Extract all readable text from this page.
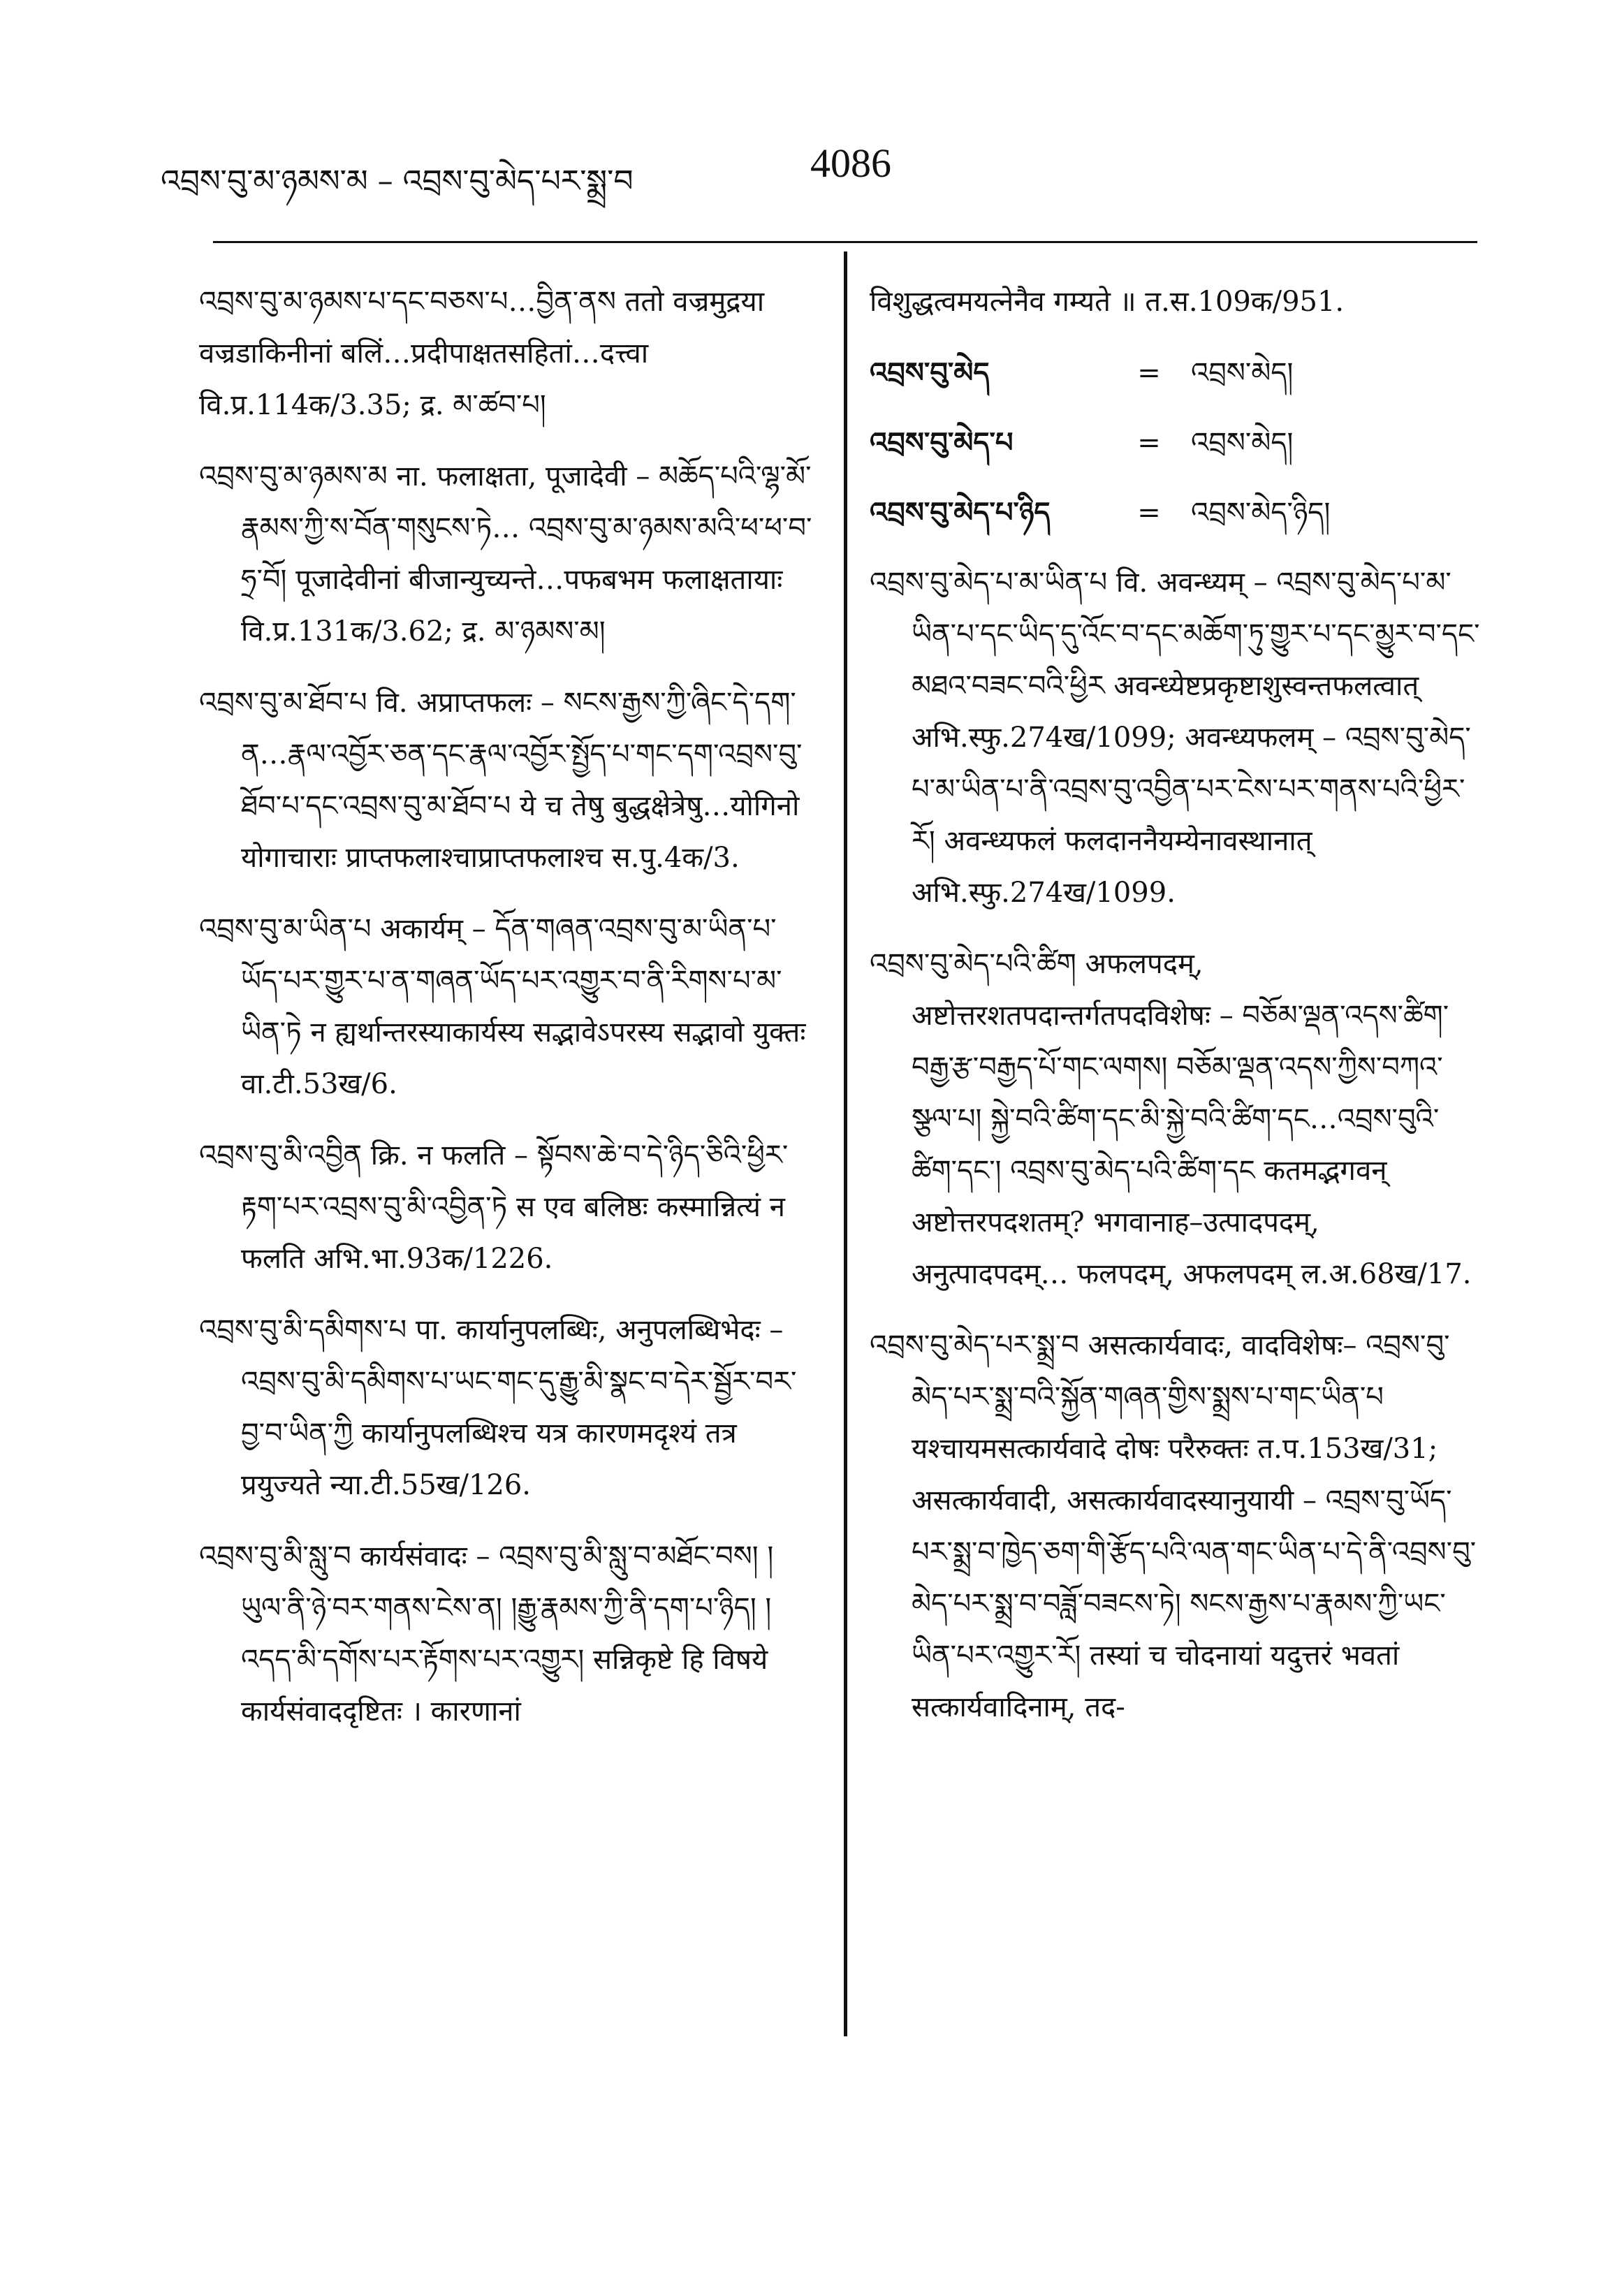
འབྲས་བུ་མ་ཉམས་མ – འབྲས་བུ་མེད་པར་སྨྲ་བ	4086

འབྲས་བུ་མ་ཉམས་པ་དང་བཅས་པ…བྱིན་ནས ततो वज्रमुद्रया वज्रडाकिनीनां बलिं…प्रदीपाक्षतसहितां…दत्त्वा वि.प्र.114क/3.35; द्र. མ་ཚབ་པ།

འབྲས་བུ་མ་ཉམས་མ ना. फलाक्षता, पूजादेवी – མཆོད་པའི་ལྷ་མོ་རྣམས་ཀྱི་ས་བོན་གསུངས་ཏེ… འབྲས་བུ་མ་ཉམས་མའི་ཕ་ཕ་བ་ཧྲ་བོ། पूजादेवीनां बीजान्युच्यन्ते…पफबभम फलाक्षतायाः वि.प्र.131क/3.62; द्र. མ་ཉམས་མ།

འབྲས་བུ་མ་ཐོབ་པ वि. अप्राप्तफलः – སངས་རྒྱས་ཀྱི་ཞིང་དེ་དག་ན…རྣལ་འབྱོར་ཅན་དང་རྣལ་འབྱོར་སྤྱོད་པ་གང་དག་འབྲས་བུ་ཐོབ་པ་དང་འབྲས་བུ་མ་ཐོབ་པ ये च तेषु बुद्धक्षेत्रेषु…योगिनो योगाचाराः प्राप्तफलाश्चाप्राप्तफलाश्च स.पु.4क/3.

འབྲས་བུ་མ་ཡིན་པ अकार्यम् – དོན་གཞན་འབྲས་བུ་མ་ཡིན་པ་ཡོད་པར་གྱུར་པ་ན་གཞན་ཡོད་པར་འགྱུར་བ་ནི་རིགས་པ་མ་ཡིན་ཏེ न ह्यर्थान्तरस्याकार्यस्य सद्भावेऽपरस्य सद्भावो युक्तः वा.टी.53ख/6.

འབྲས་བུ་མི་འབྱིན क्रि. न फलति – སྟོབས་ཆེ་བ་དེ་ཉིད་ཅིའི་ཕྱིར་རྟག་པར་འབྲས་བུ་མི་འབྱིན་ཏེ स एव बलिष्ठः कस्मान्नित्यं न फलति अभि.भा.93क/1226.

འབྲས་བུ་མི་དམིགས་པ पा. कार्यानुपलब्धिः, अनुपलब्धिभेदः – འབྲས་བུ་མི་དམིགས་པ་ཡང་གང་དུ་རྒྱུ་མི་སྣང་བ་དེར་སྦྱོར་བར་བྱ་བ་ཡིན་ཀྱི कार्यानुपलब्धिश्च यत्र कारणमदृश्यं तत्र प्रयुज्यते न्या.टी.55ख/126.

འབྲས་བུ་མི་སླུ་བ कार्यसंवादः – འབྲས་བུ་མི་སླུ་བ་མཐོང་བས། །ཡུལ་ནི་ཉེ་བར་གནས་ངེས་ན། །རྒྱུ་རྣམས་ཀྱི་ནི་དག་པ་ཉིད། །འདད་མི་དགོས་པར་རྟོགས་པར་འགྱུར། सन्निकृष्टे हि विषये कार्यसंवाददृष्टितः । कारणानां

विशुद्धत्वमयत्नेनैव गम्यते ॥ त.स.109क/951.

འབྲས་བུ་མེད	=	འབྲས་མེད།
འབྲས་བུ་མེད་པ	=	འབྲས་མེད།
འབྲས་བུ་མེད་པ་ཉིད	=	འབྲས་མེད་ཉིད།

འབྲས་བུ་མེད་པ་མ་ཡིན་པ वि. अवन्ध्यम् – འབྲས་བུ་མེད་པ་མ་ཡིན་པ་དང་ཡིད་དུ་འོང་བ་དང་མཆོག་ཏུ་གྱུར་པ་དང་མྱུར་བ་དང་མཐའ་བཟང་བའི་ཕྱིར अवन्ध्येष्टप्रकृष्टाशुस्वन्तफलत्वात् अभि.स्फु.274ख/1099; अवन्ध्यफलम् – འབྲས་བུ་མེད་པ་མ་ཡིན་པ་ནི་འབྲས་བུ་འབྱིན་པར་ངེས་པར་གནས་པའི་ཕྱིར་རོ། अवन्ध्यफलं फलदाननैयम्येनावस्थानात् अभि.स्फु.274ख/1099.

འབྲས་བུ་མེད་པའི་ཚིག अफलपदम्, अष्टोत्तरशतपदान्तर्गतपदविशेषः – བཅོམ་ལྡན་འདས་ཚིག་བརྒྱ་རྩ་བརྒྱད་པོ་གང་ལགས། བཅོམ་ལྡན་འདས་ཀྱིས་བཀའ་སྩལ་པ། སྐྱེ་བའི་ཚིག་དང་མི་སྐྱེ་བའི་ཚིག་དང…འབྲས་བུའི་ཚིག་དང་། འབྲས་བུ་མེད་པའི་ཚིག་དང कतमद्भगवन् अष्टोत्तरपदशतम्? भगवानाह–उत्पादपदम्, अनुत्पादपदम्… फलपदम्, अफलपदम् ल.अ.68ख/17.

འབྲས་བུ་མེད་པར་སྨྲ་བ असत्कार्यवादः, वादविशेषः– འབྲས་བུ་མེད་པར་སྨྲ་བའི་སྐྱོན་གཞན་གྱིས་སྨྲས་པ་གང་ཡིན་པ यश्चायमसत्कार्यवादे दोषः परैरुक्तः त.प.153ख/31; असत्कार्यवादी, असत्कार्यवादस्यानुयायी – འབྲས་བུ་ཡོད་པར་སྨྲ་བ་ཁྱེད་ཅག་གི་རྩོད་པའི་ལན་གང་ཡིན་པ་དེ་ནི་འབྲས་བུ་མེད་པར་སྨྲ་བ་བཟློ་བཟངས་ཏེ། སངས་རྒྱས་པ་རྣམས་ཀྱི་ཡང་ཡིན་པར་འགྱུར་རོ། तस्यां च चोदनायां यदुत्तरं भवतां सत्कार्यवादिनाम्, तद-
